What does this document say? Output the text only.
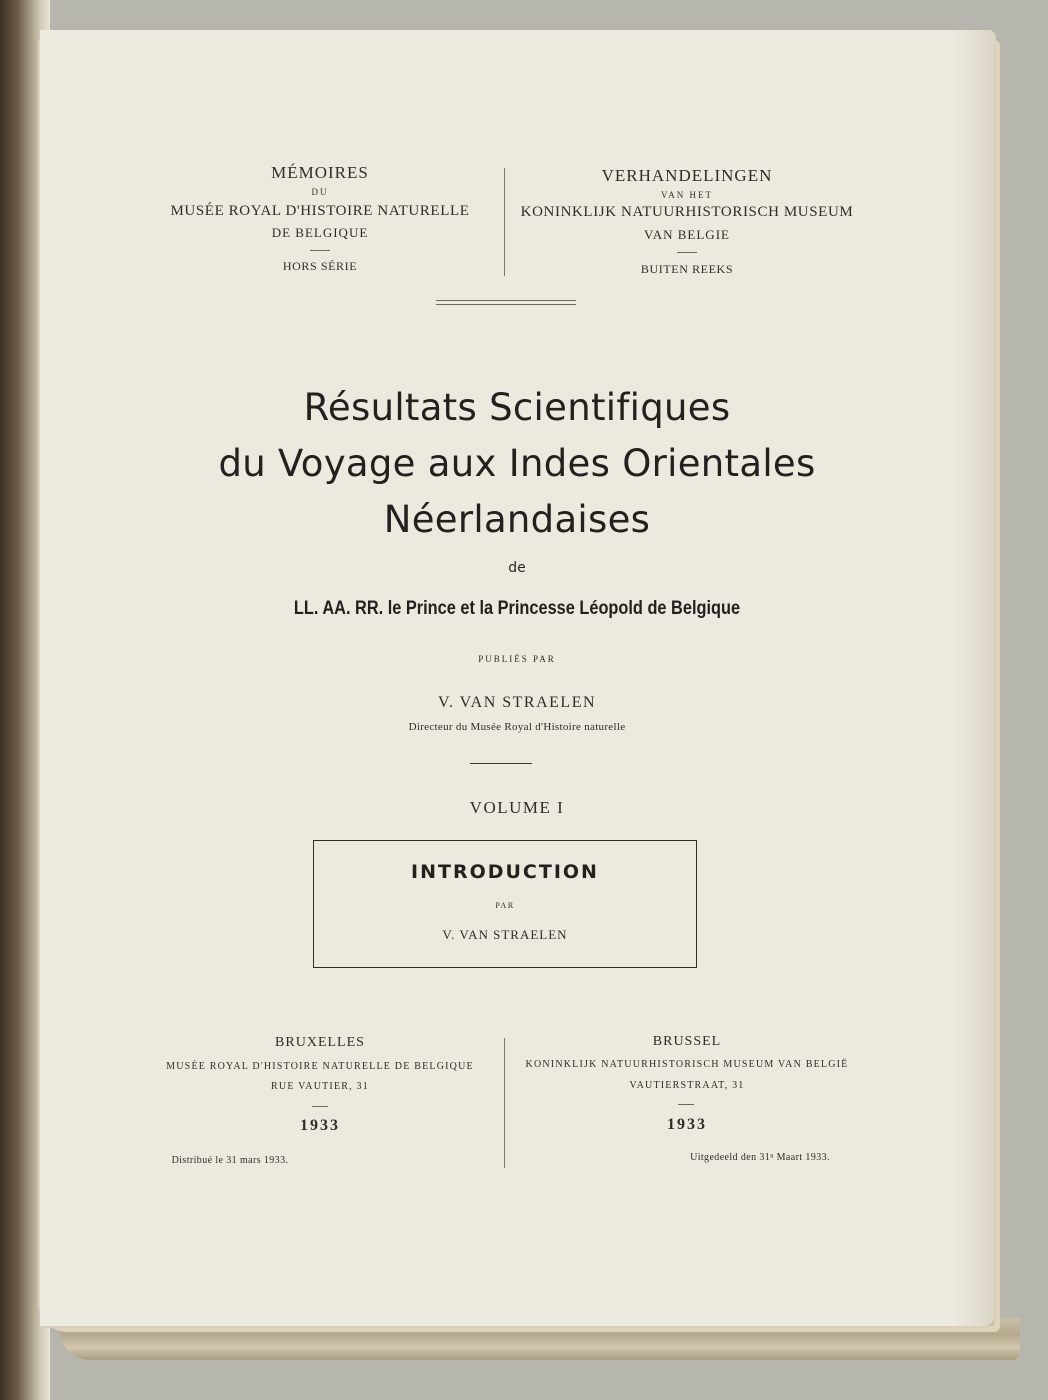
MÉMOIRES
DU
MUSÉE ROYAL D'HISTOIRE NATURELLE
DE BELGIQUE
HORS SÉRIE
VERHANDELINGEN
VAN HET
KONINKLIJK NATUURHISTORISCH MUSEUM
VAN BELGIE
BUITEN REEKS
Résultats Scientifiques
du Voyage aux Indes Orientales
Néerlandaises
de
LL. AA. RR. le Prince et la Princesse Léopold de Belgique
PUBLIÉS PAR
V. VAN STRAELEN
Directeur du Musée Royal d'Histoire naturelle
VOLUME I
INTRODUCTION
PAR
V. VAN STRAELEN
BRUXELLES
MUSÉE ROYAL D'HISTOIRE NATURELLE DE BELGIQUE
RUE VAUTIER, 31
1933
Distribué le 31 mars 1933.
BRUSSEL
KONINKLIJK NATUURHISTORISCH MUSEUM VAN BELGIË
VAUTIERSTRAAT, 31
1933
Uitgedeeld den 31ⁿ Maart 1933.
